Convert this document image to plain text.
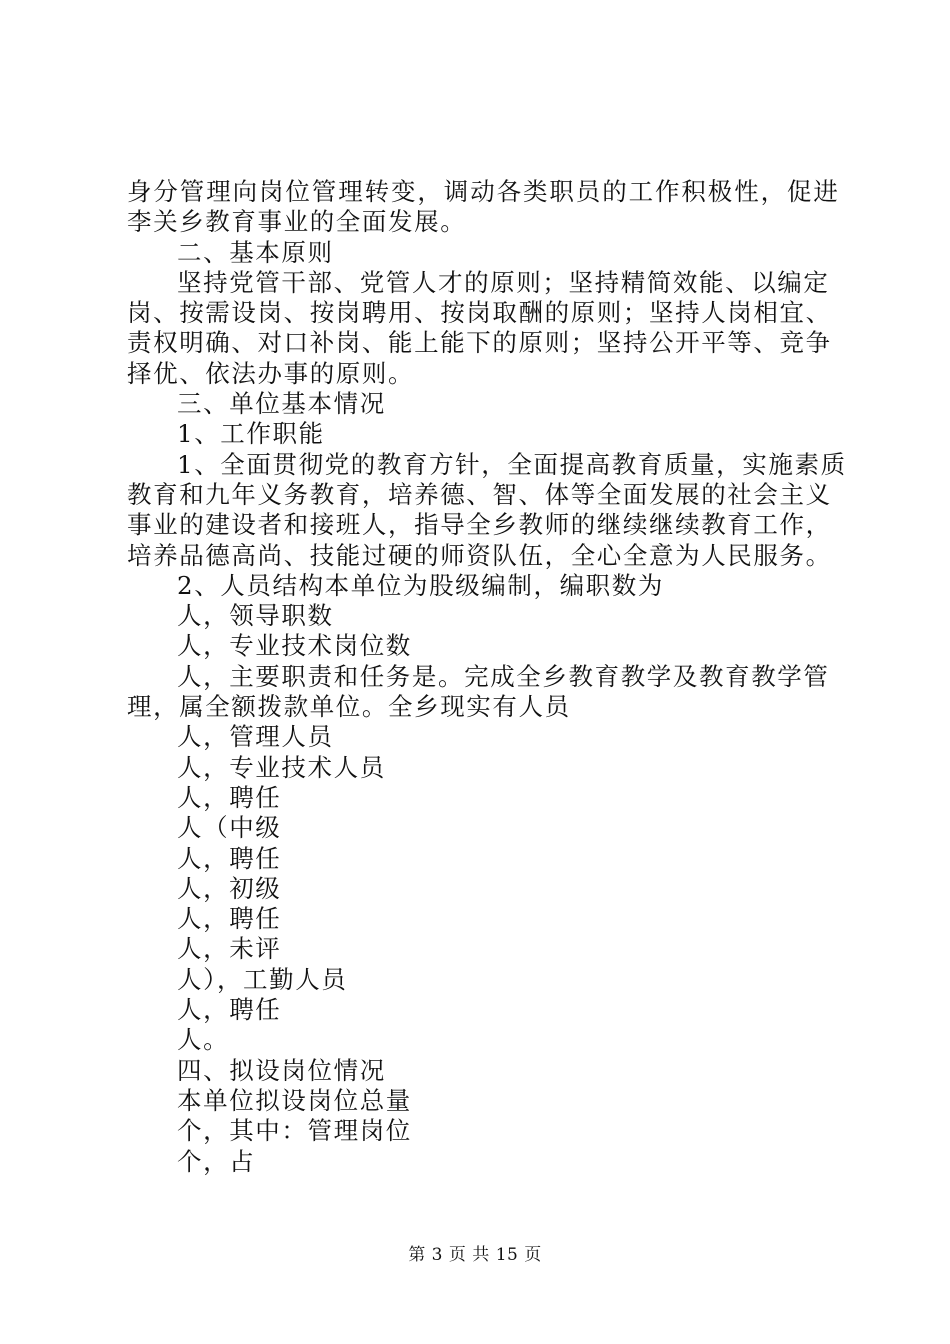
身分管理向岗位管理转变，调动各类职员的工作积极性，促进
李关乡教育事业的全面发展。
二、基本原则
坚持党管干部、党管人才的原则；坚持精简效能、以编定
岗、按需设岗、按岗聘用、按岗取酬的原则；坚持人岗相宜、
责权明确、对口补岗、能上能下的原则；坚持公开平等、竞争
择优、依法办事的原则。
三、单位基本情况
1、工作职能
1、全面贯彻党的教育方针，全面提高教育质量，实施素质
教育和九年义务教育，培养德、智、体等全面发展的社会主义
事业的建设者和接班人，指导全乡教师的继续继续教育工作，
培养品德高尚、技能过硬的师资队伍，全心全意为人民服务。
2、人员结构本单位为股级编制，编职数为
人，领导职数
人，专业技术岗位数
人，主要职责和任务是。完成全乡教育教学及教育教学管
理，属全额拨款单位。全乡现实有人员
人，管理人员
人，专业技术人员
人，聘任
人（中级
人，聘任
人，初级
人，聘任
人，未评
人），工勤人员
人，聘任
人。
四、拟设岗位情况
本单位拟设岗位总量
个，其中：管理岗位
个，占
第 3 页 共 15 页
